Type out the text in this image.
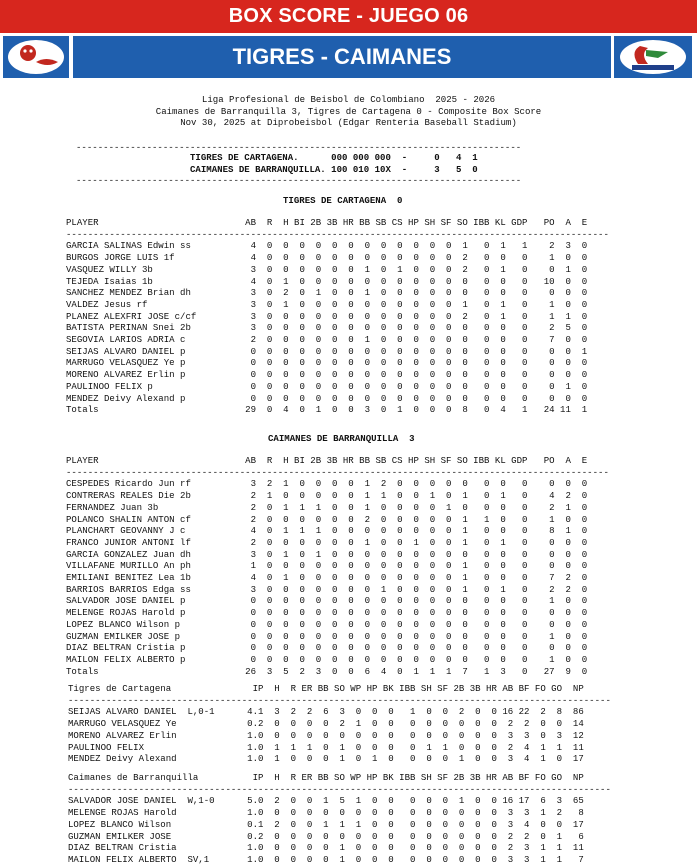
BOX SCORE - JUEGO 06
TIGRES - CAIMANES
Liga Profesional de Beisbol de Colombiano  2025 - 2026
Caimanes de Barranquilla 3, Tigres de Cartagena 0 - Composite Box Score
Nov 30, 2025 at Diprobeisbol (Edgar Renteria Baseball Stadium)
----------------------------------------------------------------------------------
TIGRES DE CARTAGENA.      000 000 000  -     0   4  1
CAIMANES DE BARRANQUILLA. 100 010 10X  -     3   5  0
----------------------------------------------------------------------------------
TIGRES DE CARTAGENA  0
PLAYER                           AB  R  H BI 2B 3B HR BB SB CS HP SH SF SO IBB KL GDP   PO  A  E
----------------------------------------------------------------------------------------------------
GARCIA SALINAS Edwin ss           4  0  0  0  0  0  0  0  0  0  0  0  0  1   0  1   1    2  3  0
BURGOS JORGE LUIS 1f              4  0  0  0  0  0  0  0  0  0  0  0  0  2   0  0   0    1  0  0
VASQUEZ WILLY 3b                  3  0  0  0  0  0  0  1  0  1  0  0  0  2   0  1   0    0  1  0
TEJEDA Isaias 1b                  4  0  1  0  0  0  0  0  0  0  0  0  0  0   0  0   0   10  0  0
SANCHEZ MENDEZ Brian dh           3  0  2  0  1  0  0  1  0  0  0  0  0  0   0  0   0    0  0  0
VALDEZ Jesus rf                   3  0  1  0  0  0  0  0  0  0  0  0  0  1   0  1   0    1  0  0
PLANEZ ALEXFRI JOSE c/cf          3  0  0  0  0  0  0  0  0  0  0  0  0  2   0  1   0    1  1  0
BATISTA PERINAN Snei 2b           3  0  0  0  0  0  0  0  0  0  0  0  0  0   0  0   0    2  5  0
SEGOVIA LARIOS ADRIA c            2  0  0  0  0  0  0  1  0  0  0  0  0  0   0  0   0    7  0  0
SEIJAS ALVARO DANIEL p            0  0  0  0  0  0  0  0  0  0  0  0  0  0   0  0   0    0  0  1
MARRUGO VELASQUEZ Ye p            0  0  0  0  0  0  0  0  0  0  0  0  0  0   0  0   0    0  0  0
MORENO ALVAREZ Erlin p            0  0  0  0  0  0  0  0  0  0  0  0  0  0   0  0   0    0  0  0
PAULINOO FELIX p                  0  0  0  0  0  0  0  0  0  0  0  0  0  0   0  0   0    0  1  0
MENDEZ Deivy Alexand p            0  0  0  0  0  0  0  0  0  0  0  0  0  0   0  0   0    0  0  0
Totals                           29  0  4  0  1  0  0  3  0  1  0  0  0  8   0  4   1   24 11  1
CAIMANES DE BARRANQUILLA  3
PLAYER                           AB  R  H BI 2B 3B HR BB SB CS HP SH SF SO IBB KL GDP   PO  A  E
----------------------------------------------------------------------------------------------------
CESPEDES Ricardo Jun rf           3  2  1  0  0  0  0  1  2  0  0  0  0  0   0  0   0    0  0  0
CONTRERAS REALES Die 2b           2  1  0  0  0  0  0  1  1  0  0  1  0  1   0  1   0    4  2  0
FERNANDEZ Juan 3b                 2  0  1  1  1  0  0  1  0  0  0  0  1  0   0  0   0    2  1  0
POLANCO SHALIN ANTON cf           2  0  0  0  0  0  0  2  0  0  0  0  0  1   1  0   0    1  0  0
PLANCHART GEOVANNY J c            4  0  1  1  1  0  0  0  0  0  0  0  0  1   0  0   0    8  1  0
FRANCO JUNIOR ANTONI lf           2  0  0  0  0  0  0  1  0  0  1  0  0  1   0  1   0    0  0  0
GARCIA GONZALEZ Juan dh           3  0  1  0  1  0  0  0  0  0  0  0  0  0   0  0   0    0  0  0
VILLAFANE MURILLO An ph           1  0  0  0  0  0  0  0  0  0  0  0  0  1   0  0   0    0  0  0
EMILIANI BENITEZ Lea 1b           4  0  1  0  0  0  0  0  0  0  0  0  0  1   0  0   0    7  2  0
BARRIOS BARRIOS Edga ss           3  0  0  0  0  0  0  0  1  0  0  0  0  1   0  1   0    2  2  0
SALVADOR JOSE DANIEL p            0  0  0  0  0  0  0  0  0  0  0  0  0  0   0  0   0    1  0  0
MELENGE ROJAS Harold p            0  0  0  0  0  0  0  0  0  0  0  0  0  0   0  0   0    0  0  0
LOPEZ BLANCO Wilson p             0  0  0  0  0  0  0  0  0  0  0  0  0  0   0  0   0    0  0  0
GUZMAN EMILKER JOSE p             0  0  0  0  0  0  0  0  0  0  0  0  0  0   0  0   0    1  0  0
DIAZ BELTRAN Cristia p            0  0  0  0  0  0  0  0  0  0  0  0  0  0   0  0   0    0  0  0
MAILON FELIX ALBERTO p            0  0  0  0  0  0  0  0  0  0  0  0  0  0   0  0   0    1  0  0
Totals                           26  3  5  2  3  0  0  6  4  0  1  1  1  7   1  3   0   27  9  0
Tigres de Cartagena               IP  H  R ER BB SO WP HP BK IBB SH SF 2B 3B HR AB BF FO GO  NP
----------------------------------------------------------------------------------------------------
SEIJAS ALVARO DANIEL  L,0-1      4.1  3  2  2  6  3  0  0  0   1  0  0  2  0  0 16 22  2  8  86
MARRUGO VELASQUEZ Ye             0.2  0  0  0  0  2  1  0  0   0  0  0  0  0  0  2  2  0  0  14
MORENO ALVAREZ Erlin             1.0  0  0  0  0  0  0  0  0   0  0  0  0  0  0  3  3  0  3  12
PAULINOO FELIX                   1.0  1  1  1  0  1  0  0  0   0  1  1  0  0  0  2  4  1  1  11
MENDEZ Deivy Alexand             1.0  1  0  0  0  1  0  1  0   0  0  0  1  0  0  3  4  1  0  17
Caimanes de Barranquilla          IP  H  R ER BB SO WP HP BK IBB SH SF 2B 3B HR AB BF FO GO  NP
----------------------------------------------------------------------------------------------------
SALVADOR JOSE DANIEL  W,1-0      5.0  2  0  0  1  5  1  0  0   0  0  0  1  0  0 16 17  6  3  65
MELENGE ROJAS Harold             1.0  0  0  0  0  0  0  0  0   0  0  0  0  0  0  3  3  1  2   8
LOPEZ BLANCO Wilson              0.1  2  0  0  1  1  1  0  0   0  0  0  0  0  0  3  4  0  0  17
GUZMAN EMILKER JOSE              0.2  0  0  0  0  0  0  0  0   0  0  0  0  0  0  2  2  0  1   6
DIAZ BELTRAN Cristia             1.0  0  0  0  0  1  0  0  0   0  0  0  0  0  0  2  3  1  1  11
MAILON FELIX ALBERTO  SV,1       1.0  0  0  0  0  1  0  0  0   0  0  0  0  0  0  3  3  1  1   7
